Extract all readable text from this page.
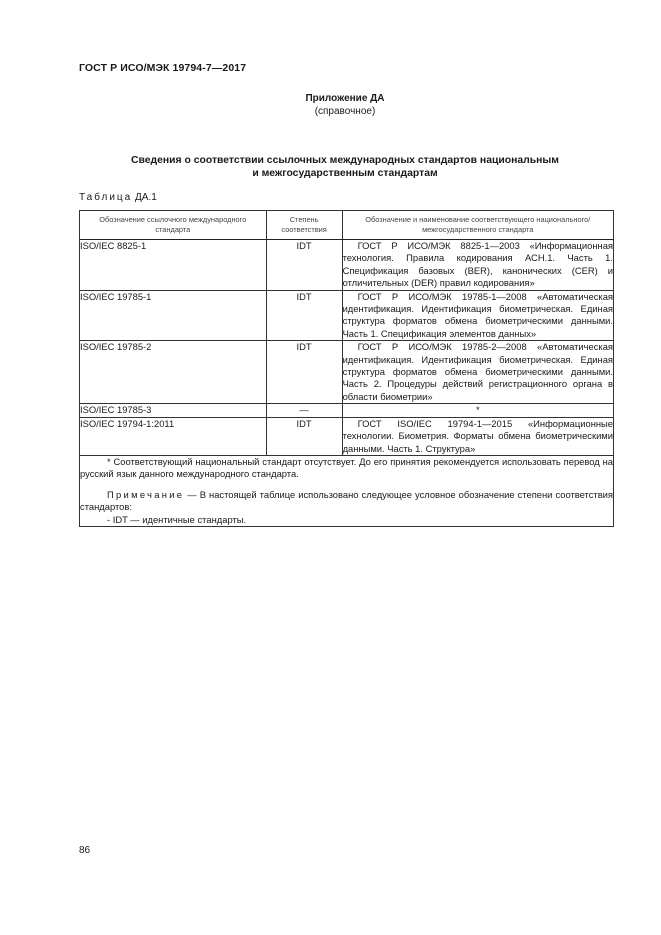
ГОСТ Р ИСО/МЭК 19794-7—2017
Приложение ДА
(справочное)
Сведения о соответствии ссылочных международных стандартов национальным
и межгосударственным стандартам
Таблица ДА.1
Обозначение ссылочного международного стандарта	Степень соответствия	Обозначение и наименование соответствующего национального/межгосударственного стандарта
ISO/IEC 8825-1	IDT	ГОСТ Р ИСО/МЭК 8825-1—2003 «Информационная технология. Правила кодирования АСН.1. Часть 1. Спецификация базовых (BER), канонических (CER) и отличительных (DER) правил кодирования»
ISO/IEC 19785-1	IDT	ГОСТ Р ИСО/МЭК 19785-1—2008 «Автоматическая идентификация. Идентификация биометрическая. Единая структура форматов обмена биометрическими данными. Часть 1. Спецификация элементов данных»
ISO/IEC 19785-2	IDT	ГОСТ Р ИСО/МЭК 19785-2—2008 «Автоматическая идентификация. Идентификация биометрическая. Единая структура форматов обмена биометрическими данными. Часть 2. Процедуры действий регистрационного органа в области биометрии»
ISO/IEC 19785-3	—	*
ISO/IEC 19794-1:2011	IDT	ГОСТ ISO/IEC 19794-1—2015 «Информационные технологии. Биометрия. Форматы обмена биометрическими данными. Часть 1. Структура»

* Соответствующий национальный стандарт отсутствует. До его принятия рекомендуется использовать перевод на русский язык данного международного стандарта.

Примечание — В настоящей таблице использовано следующее условное обозначение степени соответствия стандартов:

- IDT — идентичные стандарты.		

86
